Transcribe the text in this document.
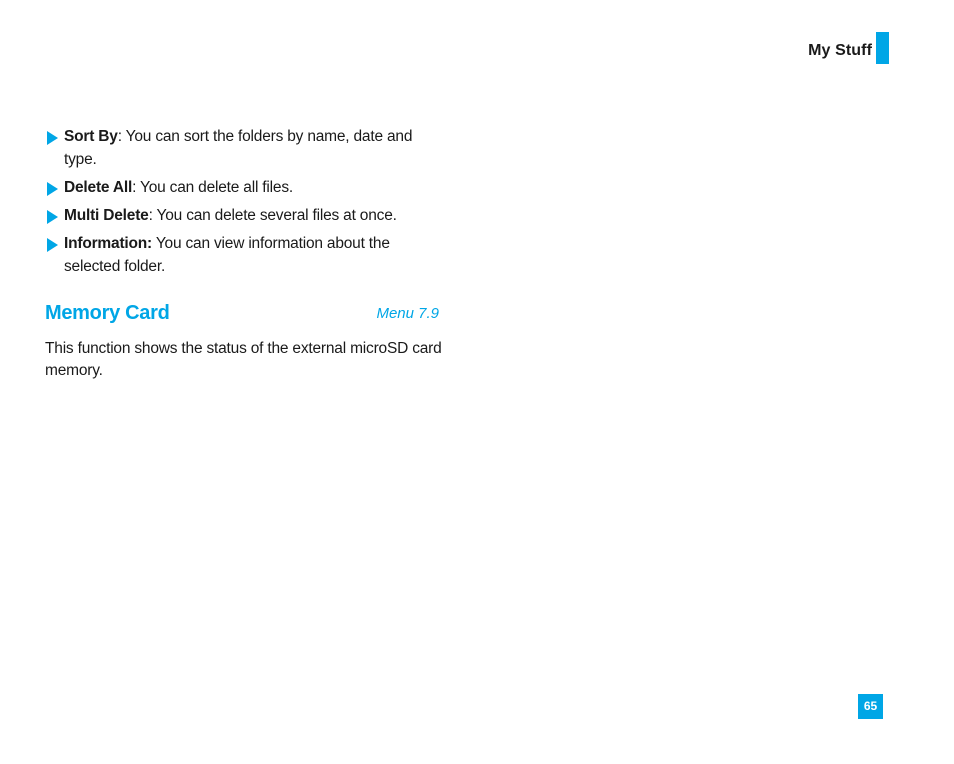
My Stuff
Sort By: You can sort the folders by name, date and type.
Delete All: You can delete all files.
Multi Delete: You can delete several files at once.
Information: You can view information about the selected folder.
Memory Card	Menu 7.9

This function shows the status of the external microSD card memory.

65
